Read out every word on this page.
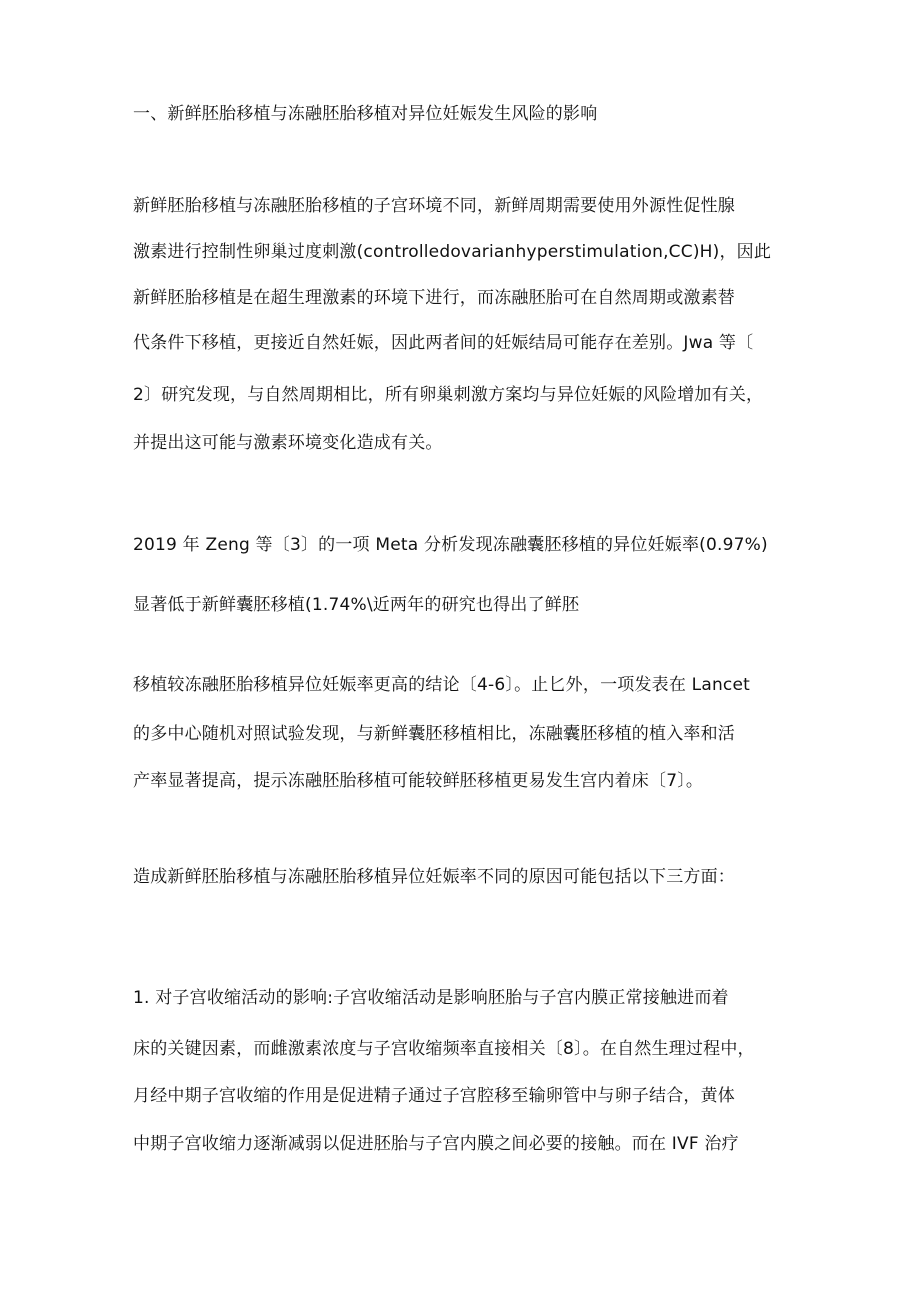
一、新鲜胚胎移植与冻融胚胎移植对异位妊娠发生风险的影响
新鲜胚胎移植与冻融胚胎移植的子宫环境不同，新鲜周期需要使用外源性促性腺
激素进行控制性卵巢过度刺激(controlledovarianhyperstimulation,CC)H)，因此
新鲜胚胎移植是在超生理激素的环境下进行，而冻融胚胎可在自然周期或激素替
代条件下移植，更接近自然妊娠，因此两者间的妊娠结局可能存在差别。Jwa 等〔
2〕研究发现，与自然周期相比，所有卵巢刺激方案均与异位妊娠的风险增加有关，
并提出这可能与激素环境变化造成有关。
2019 年 Zeng 等〔3〕的一项 Meta 分析发现冻融囊胚移植的异位妊娠率(0.97%)
显著低于新鲜囊胚移植(1.74%\近两年的研究也得出了鲜胚
移植较冻融胚胎移植异位妊娠率更高的结论〔4-6〕。止匕外，一项发表在 Lancet
的多中心随机对照试验发现，与新鲜囊胚移植相比，冻融囊胚移植的植入率和活
产率显著提高，提示冻融胚胎移植可能较鲜胚移植更易发生宫内着床〔7〕。
造成新鲜胚胎移植与冻融胚胎移植异位妊娠率不同的原因可能包括以下三方面：
1. 对子宫收缩活动的影响:子宫收缩活动是影响胚胎与子宫内膜正常接触进而着
床的关键因素，而雌激素浓度与子宫收缩频率直接相关〔8〕。在自然生理过程中，
月经中期子宫收缩的作用是促进精子通过子宫腔移至输卵管中与卵子结合，黄体
中期子宫收缩力逐渐减弱以促进胚胎与子宫内膜之间必要的接触。而在 IVF 治疗
